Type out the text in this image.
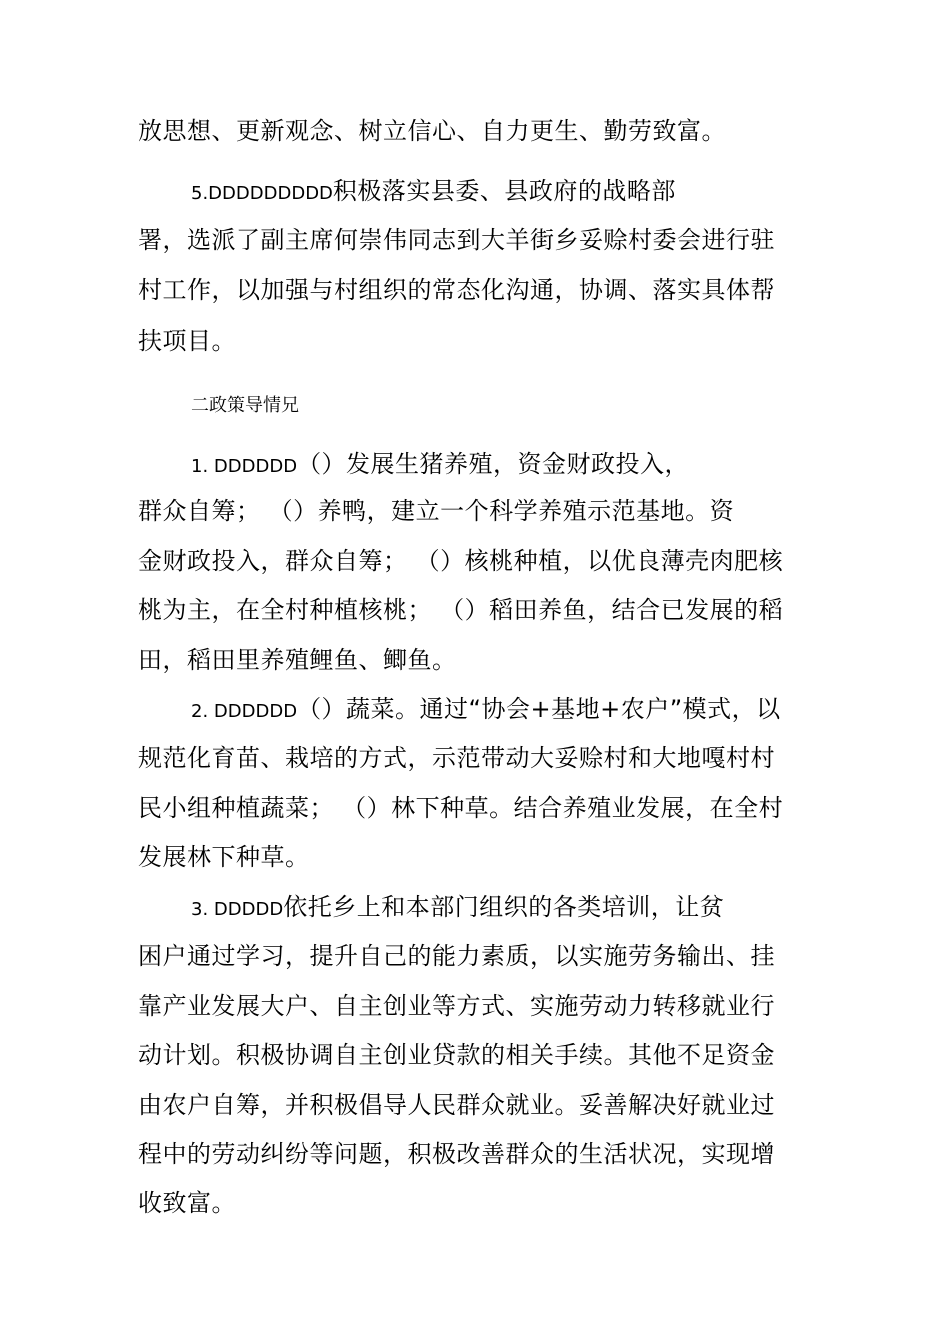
放思想、更新观念、树立信心、自力更生、勤劳致富。
5.DDDDDDDDD积极落实县委、县政府的战略部
署，选派了副主席何崇伟同志到大羊街乡妥赊村委会进行驻
村工作，以加强与村组织的常态化沟通，协调、落实具体帮
扶项目。
二政策导情兄
1. DDDDDD（）发展生猪养殖，资金财政投入，
群众自筹； （）养鸭，建立一个科学养殖示范基地。资
金财政投入，群众自筹； （）核桃种植，以优良薄壳肉肥核
桃为主，在全村种植核桃； （）稻田养鱼，结合已发展的稻
田，稻田里养殖鲤鱼、鲫鱼。
2. DDDDDD（）蔬菜。通过“协会+基地+农户”模式，以
规范化育苗、栽培的方式，示范带动大妥赊村和大地嘎村村
民小组种植蔬菜； （）林下种草。结合养殖业发展，在全村
发展林下种草。
3. DDDDD依托乡上和本部门组织的各类培训，让贫
困户通过学习，提升自己的能力素质，以实施劳务输出、挂
靠产业发展大户、自主创业等方式、实施劳动力转移就业行
动计划。积极协调自主创业贷款的相关手续。其他不足资金
由农户自筹，并积极倡导人民群众就业。妥善解决好就业过
程中的劳动纠纷等问题，积极改善群众的生活状况，实现增
收致富。
